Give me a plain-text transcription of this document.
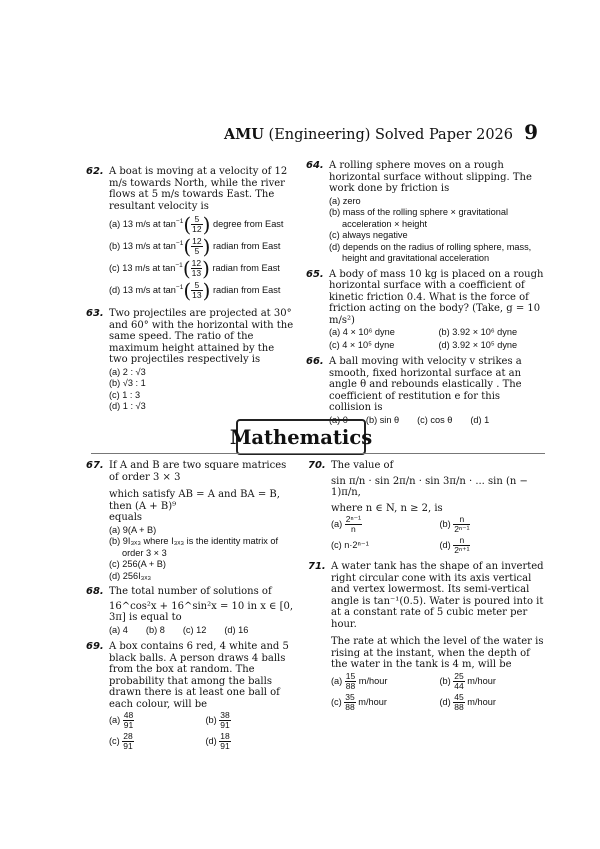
AMU (Engineering) Solved Paper 2026 9
62. A boat is moving at a velocity of 12 m/s towards North, while the river flows at 5 m/s towards East. The resultant velocity is
(a) 13 m/s at $\tan^{-1}( \frac{5}{12}$ ) degree from East
(b) 13 m/s at $\tan^{-1}( \frac{12}{5}$ ) radian from East
(c) 13 m/s at $\tan^{-1}( \frac{12}{13}$ ) radian from East
(d) 13 m/s at $\tan^{-1}( \frac{5}{13}$ ) radian from East
63. Two projectiles are projected at 30° and 60° with the horizontal with the same speed. The ratio of the maximum height attained by the two projectiles respectively is
(a) 2 : √3
(b) √3 : 1
(c) 1 : 3
(d) 1 : √3
64. A rolling sphere moves on a rough horizontal surface without slipping. The work done by friction is
(a) zero
(b) mass of the rolling sphere × gravitational
acceleration × height
(c) always negative
(d) depends on the radius of rolling sphere, mass,
height and gravitational acceleration
65. A body of mass 10 kg is placed on a rough horizontal surface with a coefficient of kinetic friction 0.4. What is the force of friction acting on the body? (Take, g = 10 m/s²)
(a) 4 × 10⁶ dyne	(b) 3.92 × 10⁶ dyne
(c) 4 × 10⁵ dyne	(d) 3.92 × 10⁵ dyne
66. A ball moving with velocity v strikes a smooth, fixed horizontal surface at an angle θ and rebounds elastically . The coefficient of restitution e for this collision is
(a) 0 (b) sin θ (c) cos θ (d) 1
Mathematics
67. If A and B are two square matrices of order 3 × 3
which satisfy AB = A and BA = B, then (A + B)⁹
equals
(a) 9(A + B)
(b) 9I₃ₓ₃ where I₃ₓ₃ is the identity matrix of
order 3 × 3
(c) 256(A + B)
(d) 256I₃ₓ₃
68. The total number of solutions of
16^cos²x + 16^sin²x = 10 in x ∈ [0, 3π] is equal to
(a) 4 (b) 8 (c) 12 (d) 16
69. A box contains 6 red, 4 white and 5 black balls. A person draws 4 balls from the box at random. The probability that among the balls drawn there is at least one ball of each colour, will be
$(a) \frac{48}{91}$	$(b) \frac{38}{91}$
$(c) \frac{28}{91}$	$(d) \frac{18}{91}$
70. The value of
sin π/n · sin 2π/n · sin 3π/n · ... sin (n − 1)π/n,
where n ∈ N, n ≥ 2, is
$(a) \frac{\text{2ⁿ⁻¹}}{n}$	$(b) \frac{n}{\text{2ⁿ⁻¹}}$
(c) n·2ⁿ⁻¹	$(d) \frac{n}{\text{2ⁿ⁺¹}}$
71. A water tank has the shape of an inverted right circular cone with its axis vertical and vertex lowermost. Its semi-vertical angle is tan⁻¹(0.5). Water is poured into it at a constant rate of 5 cubic meter per hour.
The rate at which the level of the water is rising at the instant, when the depth of the water in the tank is 4 m, will be
$(a) \frac{15}{88}$ m/hour	$(b) \frac{25}{44}$ m/hour
$(c) \frac{35}{88}$ m/hour	$(d) \frac{45}{88}$ m/hour
